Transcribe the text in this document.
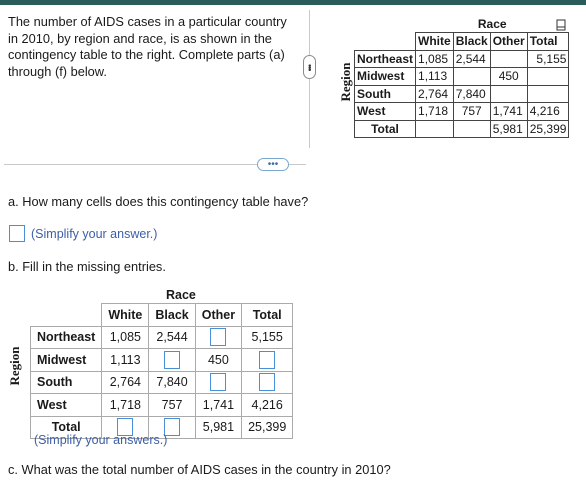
The number of AIDS cases in a particular country in 2010, by region and race, is as shown in the contingency table to the right. Complete parts (a) through (f) below.	••• Region
	Race			
	White	Black	Other	Total
Northeast	1,085	2,544		5,155
Midwest	1,113		450	
South	2,764	7,840		
West	1,718	757	1,741	4,216
Total			5,981	25,399
•••
a. How many cells does this contingency table have?
(Simplify your answer.)
b. Fill in the missing entries.
Race
Region
	White	Black	Other	Total
Northeast	1,085	2,544		5,155
Midwest	1,113		450	
South	2,764	7,840		
West	1,718	757	1,741	4,216
Total			5,981	25,399
(Simplify your answers.)
c. What was the total number of AIDS cases in the country in 2010?
